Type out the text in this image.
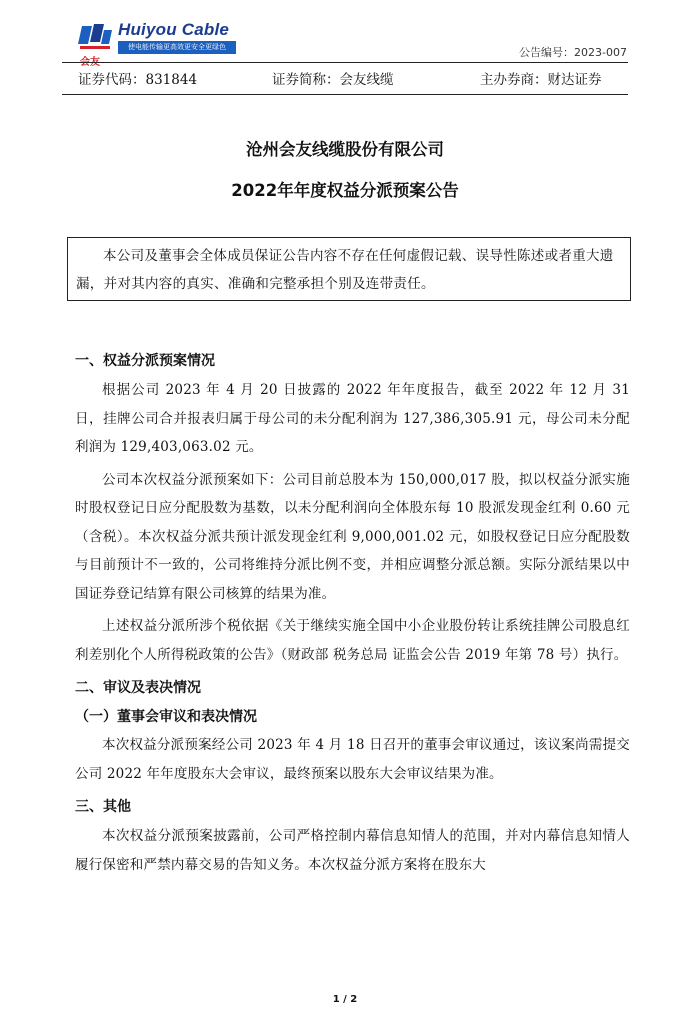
Huiyou Cable
使电能传输更高效更安全更绿色
会友
公告编号：2023-007
证券代码：831844	证券简称：会友线缆	主办券商：财达证券
沧州会友线缆股份有限公司
2022年年度权益分派预案公告
本公司及董事会全体成员保证公告内容不存在任何虚假记载、误导性陈述或者重大遗漏，并对其内容的真实、准确和完整承担个别及连带责任。
一、权益分派预案情况

根据公司 2023 年 4 月 20 日披露的 2022 年年度报告，截至 2022 年 12 月 31 日，挂牌公司合并报表归属于母公司的未分配利润为 127,386,305.91 元，母公司未分配利润为 129,403,063.02 元。

公司本次权益分派预案如下：公司目前总股本为 150,000,017 股，拟以权益分派实施时股权登记日应分配股数为基数，以未分配利润向全体股东每 10 股派发现金红利 0.60 元（含税）。本次权益分派共预计派发现金红利 9,000,001.02 元，如股权登记日应分配股数与目前预计不一致的，公司将维持分派比例不变，并相应调整分派总额。实际分派结果以中国证券登记结算有限公司核算的结果为准。

上述权益分派所涉个税依据《关于继续实施全国中小企业股份转让系统挂牌公司股息红利差别化个人所得税政策的公告》（财政部 税务总局 证监会公告 2019 年第 78 号）执行。

二、审议及表决情况
（一）董事会审议和表决情况

本次权益分派预案经公司 2023 年 4 月 18 日召开的董事会审议通过，该议案尚需提交公司 2022 年年度股东大会审议，最终预案以股东大会审议结果为准。

三、其他

本次权益分派预案披露前，公司严格控制内幕信息知情人的范围，并对内幕信息知情人履行保密和严禁内幕交易的告知义务。本次权益分派方案将在股东大

1 / 2
